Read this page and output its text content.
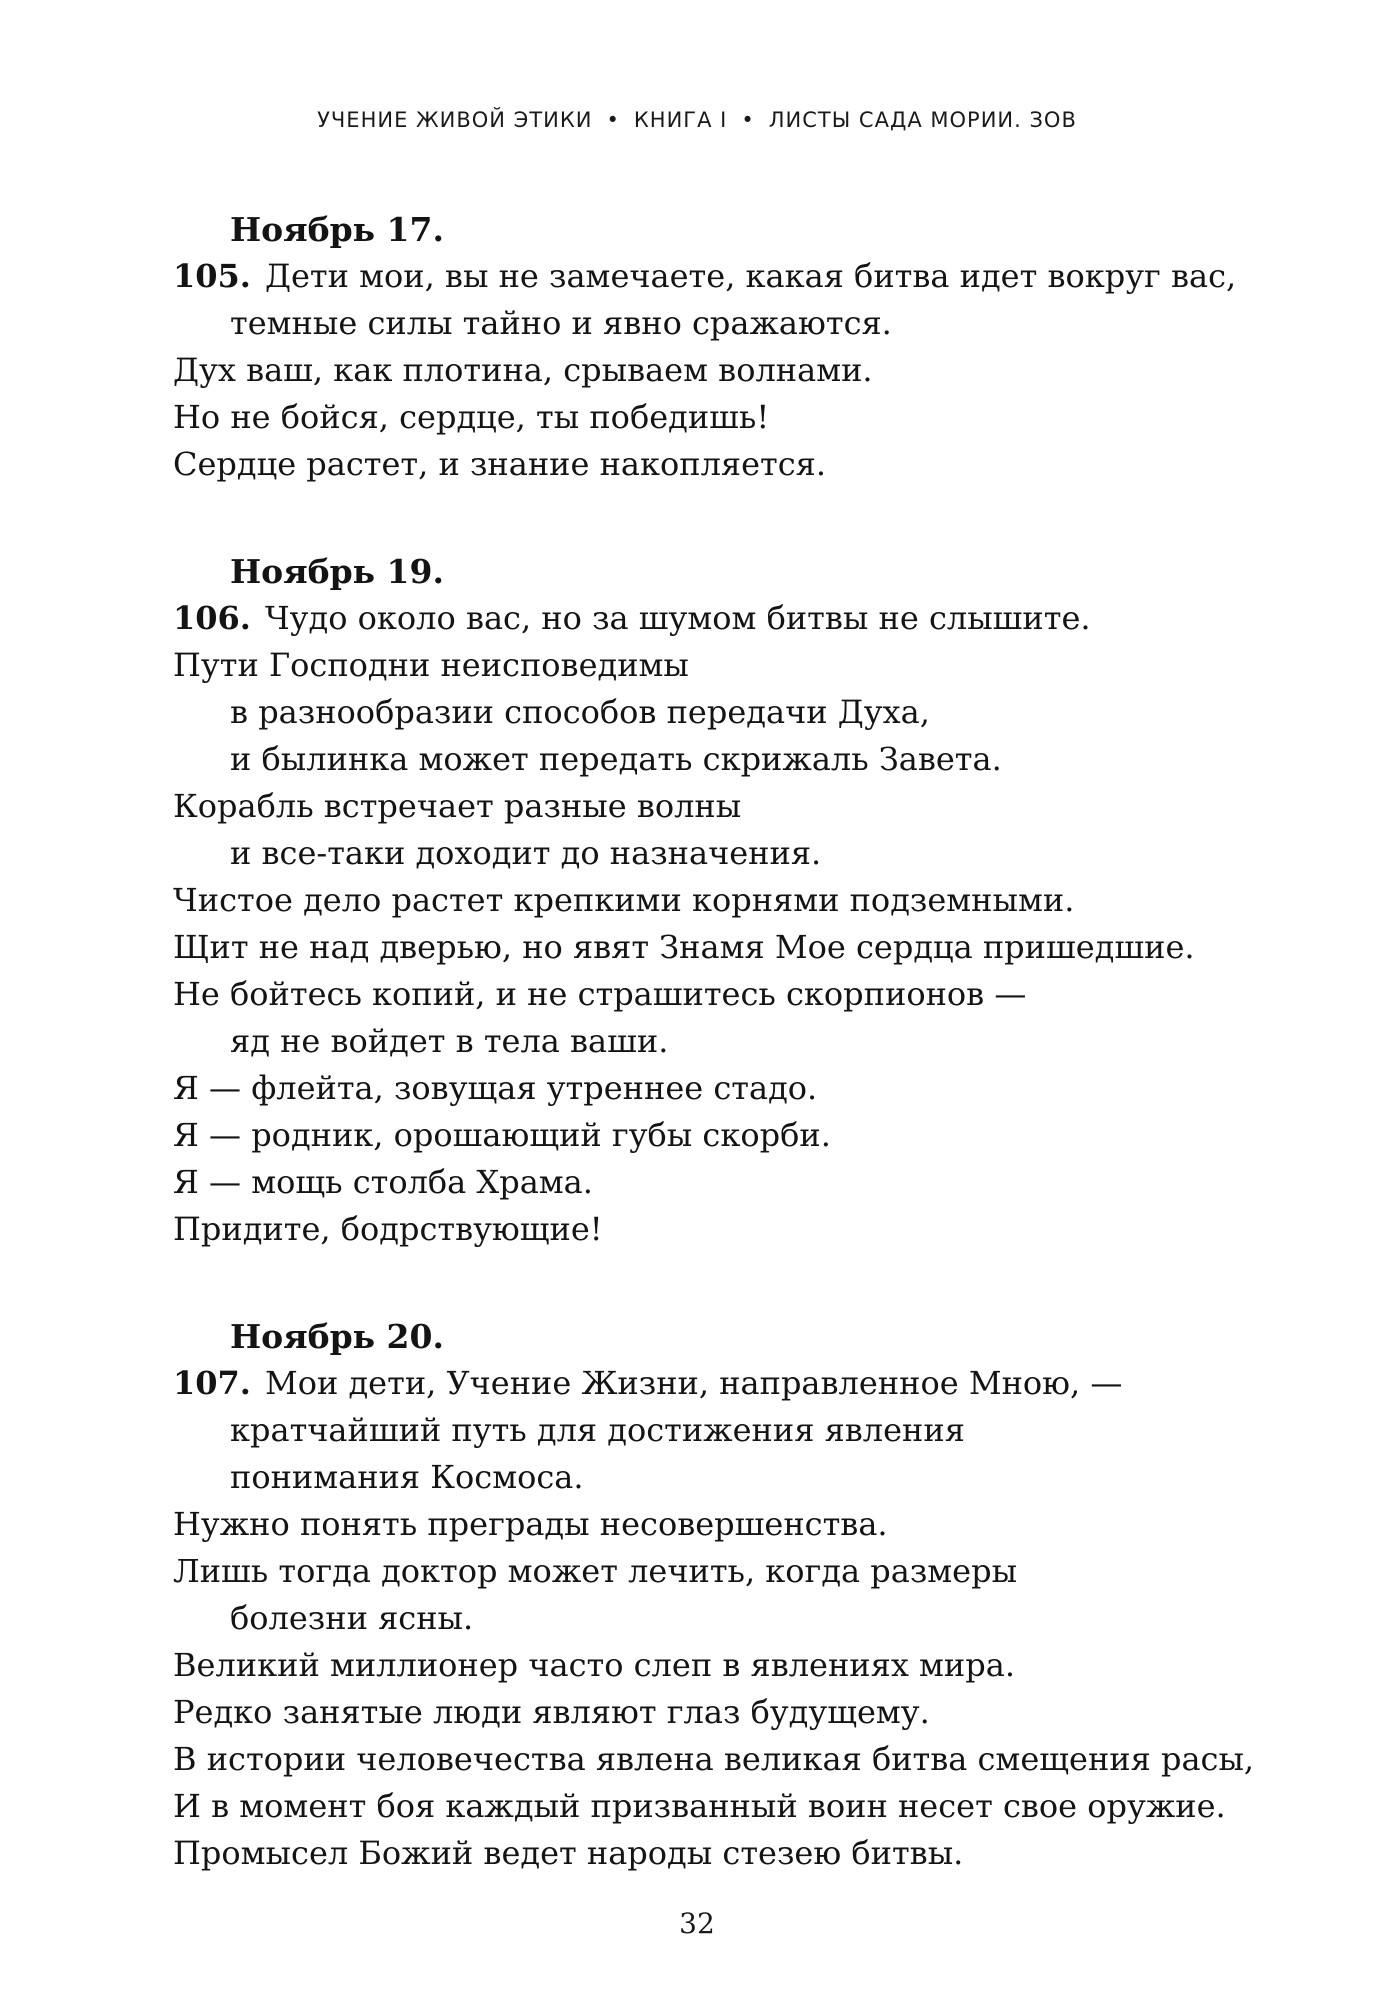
УЧЕНИЕ ЖИВОЙ ЭТИКИ • КНИГА I • ЛИСТЫ САДА МОРИИ. ЗОВ

Ноябрь 17.

105. Дети мои, вы не замечаете, какая битва идет вокруг вас,

темные силы тайно и явно сражаются.

Дух ваш, как плотина, срываем волнами.

Но не бойся, сердце, ты победишь!

Сердце растет, и знание накопляется.

Ноябрь 19.

106. Чудо около вас, но за шумом битвы не слышите.

Пути Господни неисповедимы

в разнообразии способов передачи Духа,

и былинка может передать скрижаль Завета.

Корабль встречает разные волны

и все-таки доходит до назначения.

Чистое дело растет крепкими корнями подземными.

Щит не над дверью, но явят Знамя Мое сердца пришедшие.

Не бойтесь копий, и не страшитесь скорпионов —

яд не войдет в тела ваши.

Я — флейта, зовущая утреннее стадо.

Я — родник, орошающий губы скорби.

Я — мощь столба Храма.

Придите, бодрствующие!

Ноябрь 20.

107. Мои дети, Учение Жизни, направленное Мною, —

кратчайший путь для достижения явления

понимания Космоса.

Нужно понять преграды несовершенства.

Лишь тогда доктор может лечить, когда размеры

болезни ясны.

Великий миллионер часто слеп в явлениях мира.

Редко занятые люди являют глаз будущему.

В истории человечества явлена великая битва смещения расы,

И в момент боя каждый призванный воин несет свое оружие.

Промысел Божий ведет народы стезею битвы.

32
